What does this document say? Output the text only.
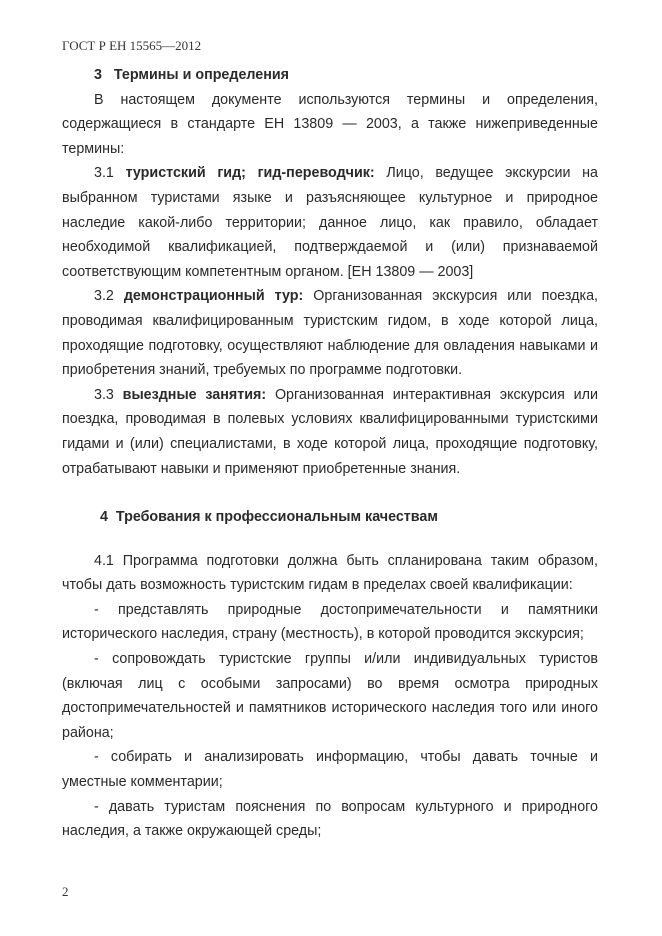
ГОСТ Р ЕН 15565—2012
3 Термины и определения

В настоящем документе используются термины и определения, содержащиеся в стандарте ЕН 13809 — 2003, а также нижеприведенные термины:

3.1 туристский гид; гид-переводчик: Лицо, ведущее экскурсии на выбранном туристами языке и разъясняющее культурное и природное наследие какой-либо территории; данное лицо, как правило, обладает необходимой квалификацией, подтверждаемой и (или) признаваемой соответствующим компетентным органом. [ЕН 13809 — 2003]

3.2 демонстрационный тур: Организованная экскурсия или поездка, проводимая квалифицированным туристским гидом, в ходе которой лица, проходящие подготовку, осуществляют наблюдение для овладения навыками и приобретения знаний, требуемых по программе подготовки.

3.3 выездные занятия: Организованная интерактивная экскурсия или поездка, проводимая в полевых условиях квалифицированными туристскими гидами и (или) специалистами, в ходе которой лица, проходящие подготовку, отрабатывают навыки и применяют приобретенные знания.

4 Требования к профессиональным качествам

4.1 Программа подготовки должна быть спланирована таким образом, чтобы дать возможность туристским гидам в пределах своей квалификации:

- представлять природные достопримечательности и памятники исторического наследия, страну (местность), в которой проводится экскурсия;

- сопровождать туристские группы и/или индивидуальных туристов (включая лиц с особыми запросами) во время осмотра природных достопримечательностей и памятников исторического наследия того или иного района;

- собирать и анализировать информацию, чтобы давать точные и уместные комментарии;

- давать туристам пояснения по вопросам культурного и природного наследия, а также окружающей среды;

2
